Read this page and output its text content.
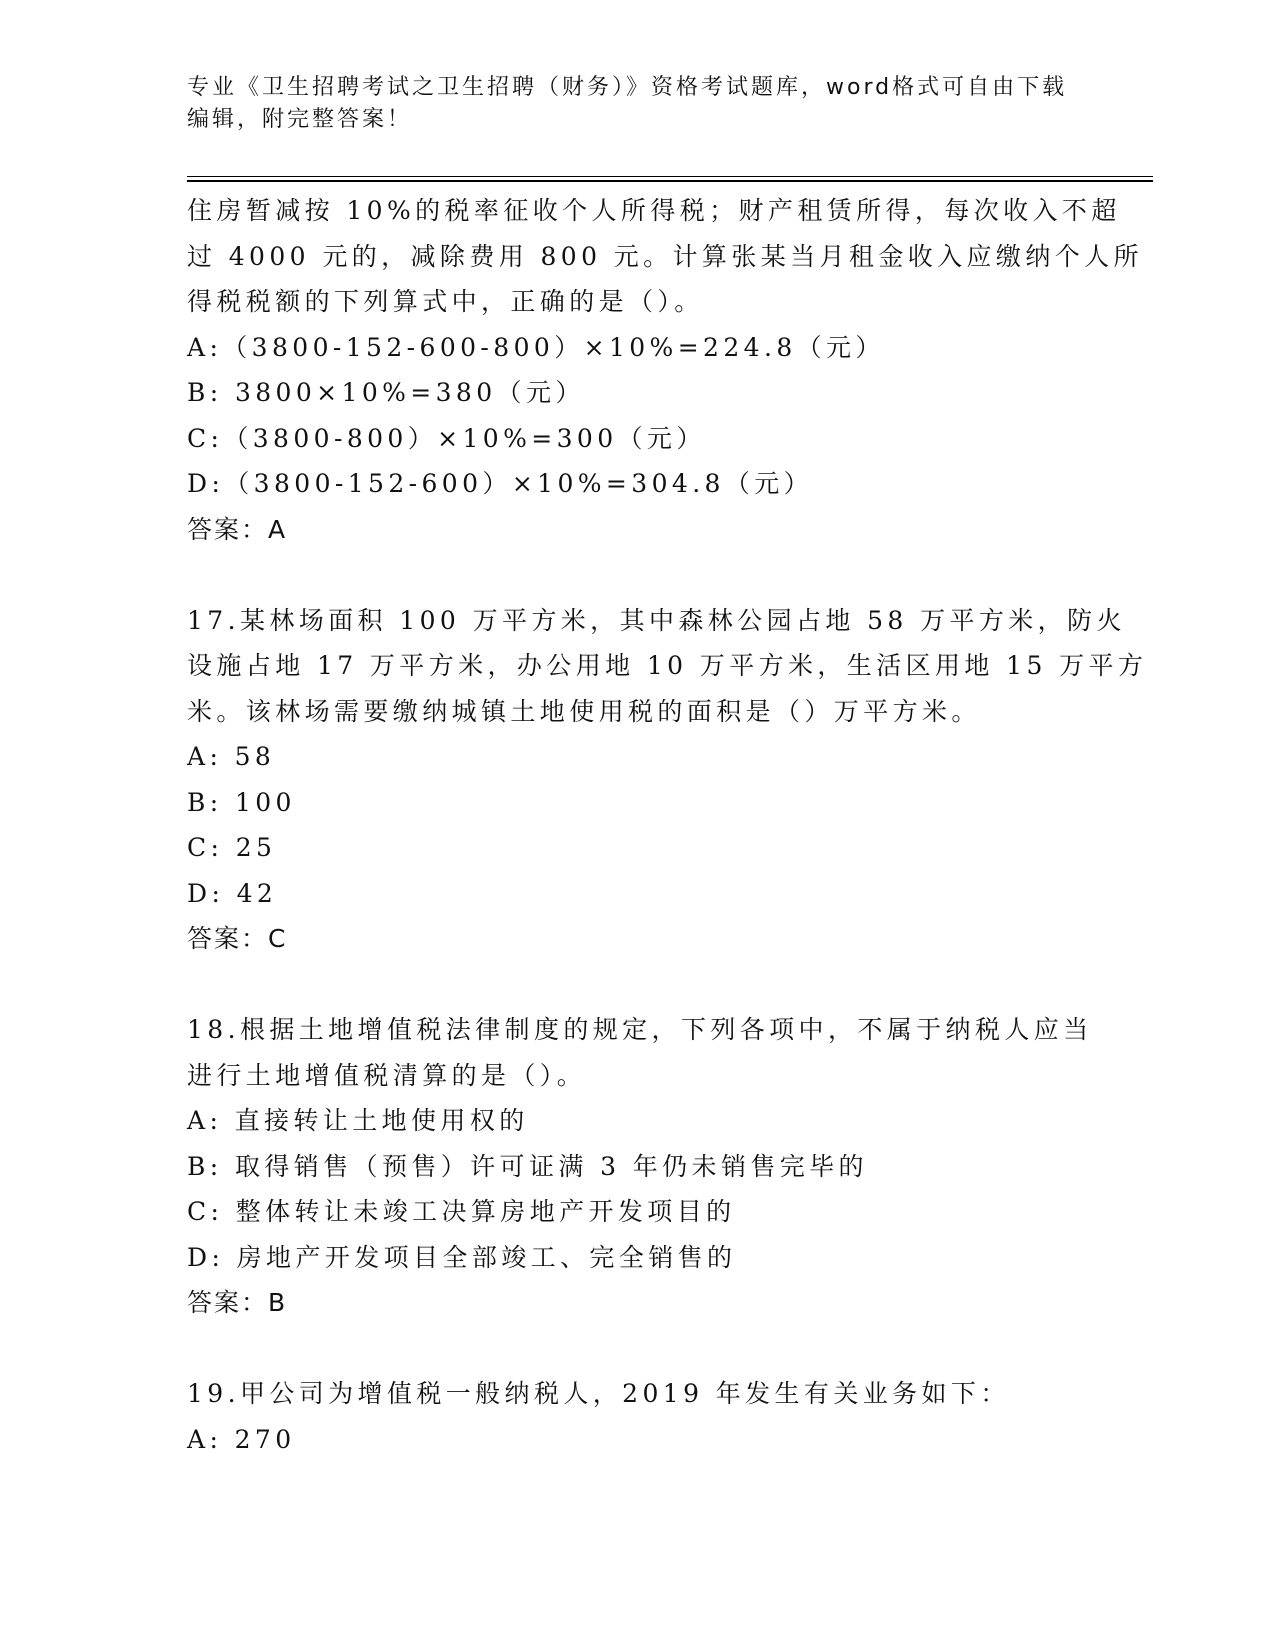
专业《卫生招聘考试之卫生招聘（财务）》资格考试题库，word格式可自由下载
编辑，附完整答案！
住房暂减按 10%的税率征收个人所得税；财产租赁所得，每次收入不超
过 4000 元的，减除费用 800 元。计算张某当月租金收入应缴纳个人所
得税税额的下列算式中，正确的是（）。
A:（3800-152-600-800）×10%=224.8（元）
B: 3800×10%=380（元）
C:（3800-800）×10%=300（元）
D:（3800-152-600）×10%=304.8（元）
答案：A
17.某林场面积 100 万平方米，其中森林公园占地 58 万平方米，防火
设施占地 17 万平方米，办公用地 10 万平方米，生活区用地 15 万平方
米。该林场需要缴纳城镇土地使用税的面积是（）万平方米。
A: 58
B: 100
C: 25
D: 42
答案：C
18.根据土地增值税法律制度的规定，下列各项中，不属于纳税人应当
进行土地增值税清算的是（）。
A: 直接转让土地使用权的
B: 取得销售（预售）许可证满 3 年仍未销售完毕的
C: 整体转让未竣工决算房地产开发项目的
D: 房地产开发项目全部竣工、完全销售的
答案：B
19.甲公司为增值税一般纳税人，2019 年发生有关业务如下：
A: 270
